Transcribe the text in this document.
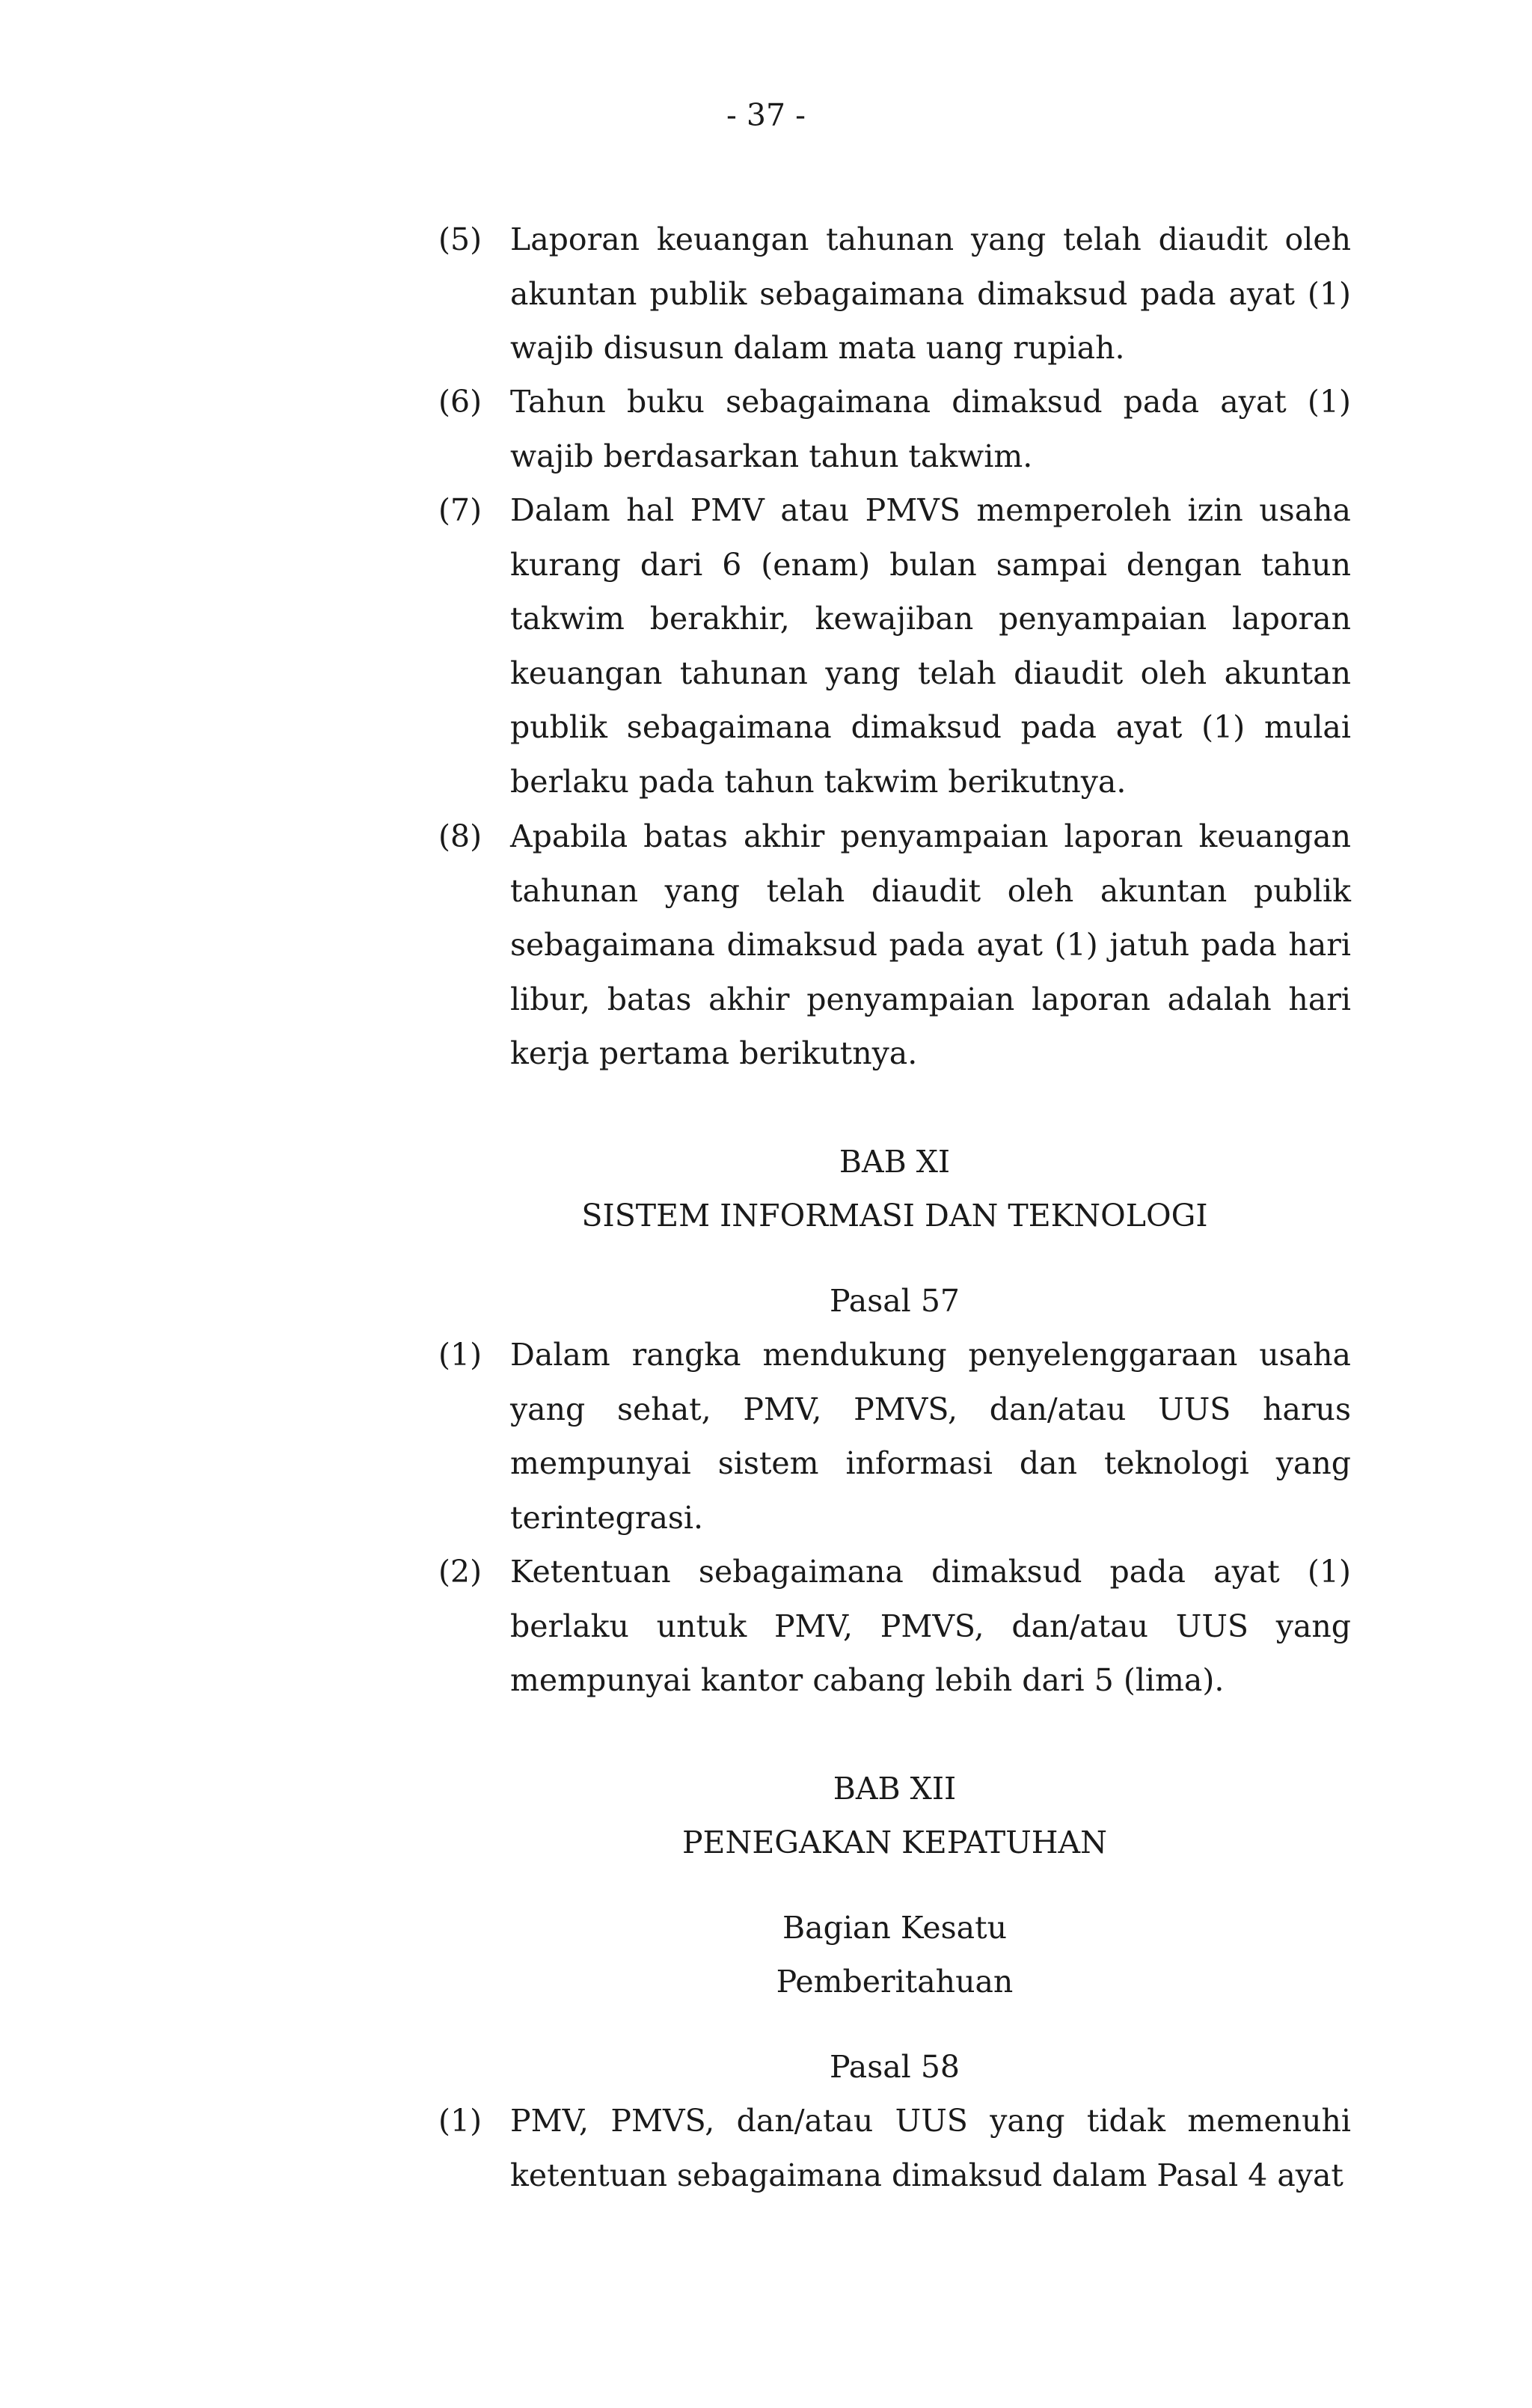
- 37 -
(5) Laporan keuangan tahunan yang telah diaudit oleh akuntan publik sebagaimana dimaksud pada ayat (1) wajib disusun dalam mata uang rupiah.
(6) Tahun buku sebagaimana dimaksud pada ayat (1) wajib berdasarkan tahun takwim.
(7) Dalam hal PMV atau PMVS memperoleh izin usaha kurang dari 6 (enam) bulan sampai dengan tahun takwim berakhir, kewajiban penyampaian laporan keuangan tahunan yang telah diaudit oleh akuntan publik sebagaimana dimaksud pada ayat (1) mulai berlaku pada tahun takwim berikutnya.
(8) Apabila batas akhir penyampaian laporan keuangan tahunan yang telah diaudit oleh akuntan publik sebagaimana dimaksud pada ayat (1) jatuh pada hari libur, batas akhir penyampaian laporan adalah hari kerja pertama berikutnya.
BAB XI
SISTEM INFORMASI DAN TEKNOLOGI
Pasal 57
(1) Dalam rangka mendukung penyelenggaraan usaha yang sehat, PMV, PMVS, dan/atau UUS harus mempunyai sistem informasi dan teknologi yang terintegrasi.
(2) Ketentuan sebagaimana dimaksud pada ayat (1) berlaku untuk PMV, PMVS, dan/atau UUS yang mempunyai kantor cabang lebih dari 5 (lima).
BAB XII
PENEGAKAN KEPATUHAN
Bagian Kesatu
Pemberitahuan
Pasal 58
(1) PMV, PMVS, dan/atau UUS yang tidak memenuhi ketentuan sebagaimana dimaksud dalam Pasal 4 ayat
